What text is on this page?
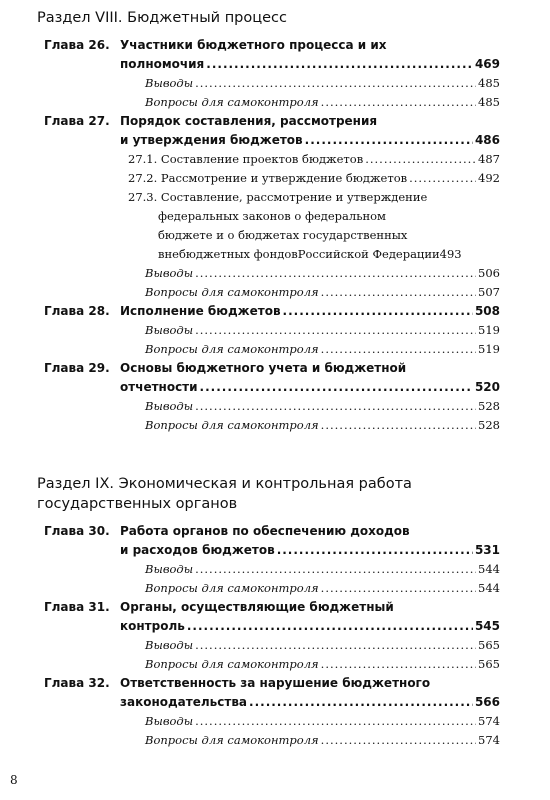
Раздел VIII. Бюджетный процесс
Глава 26. Участники бюджетного процесса и их
полномочия .....	469
Выводы .....	485
Вопросы для самоконтроля .....	485
Глава 27. Порядок составления, рассмотрения
и утверждения бюджетов .....	486
27.1. Составление проектов бюджетов .....	487
27.2. Рассмотрение и утверждение бюджетов .....	492
27.3. Составление, рассмотрение и утверждение
федеральных законов о федеральном
бюджете и о бюджетах государственных
внебюджетных фондовРоссийской Федерации 493
Выводы .....	506
Вопросы для самоконтроля .....	507
Глава 28. Исполнение бюджетов .....	508
Выводы .....	519
Вопросы для самоконтроля .....	519
Глава 29. Основы бюджетного учета и бюджетной
отчетности .....	520
Выводы .....	528
Вопросы для самоконтроля .....	528
Раздел IX. Экономическая и контрольная работа
государственных органов
Глава 30. Работа органов по обеспечению доходов
и расходов бюджетов .....	531
Выводы .....	544
Вопросы для самоконтроля .....	544
Глава 31. Органы, осуществляющие бюджетный
контроль .....	545
Выводы .....	565
Вопросы для самоконтроля .....	565
Глава 32. Ответственность за нарушение бюджетного
законодательства .....	566
Выводы .....	574
Вопросы для самоконтроля .....	574
8
